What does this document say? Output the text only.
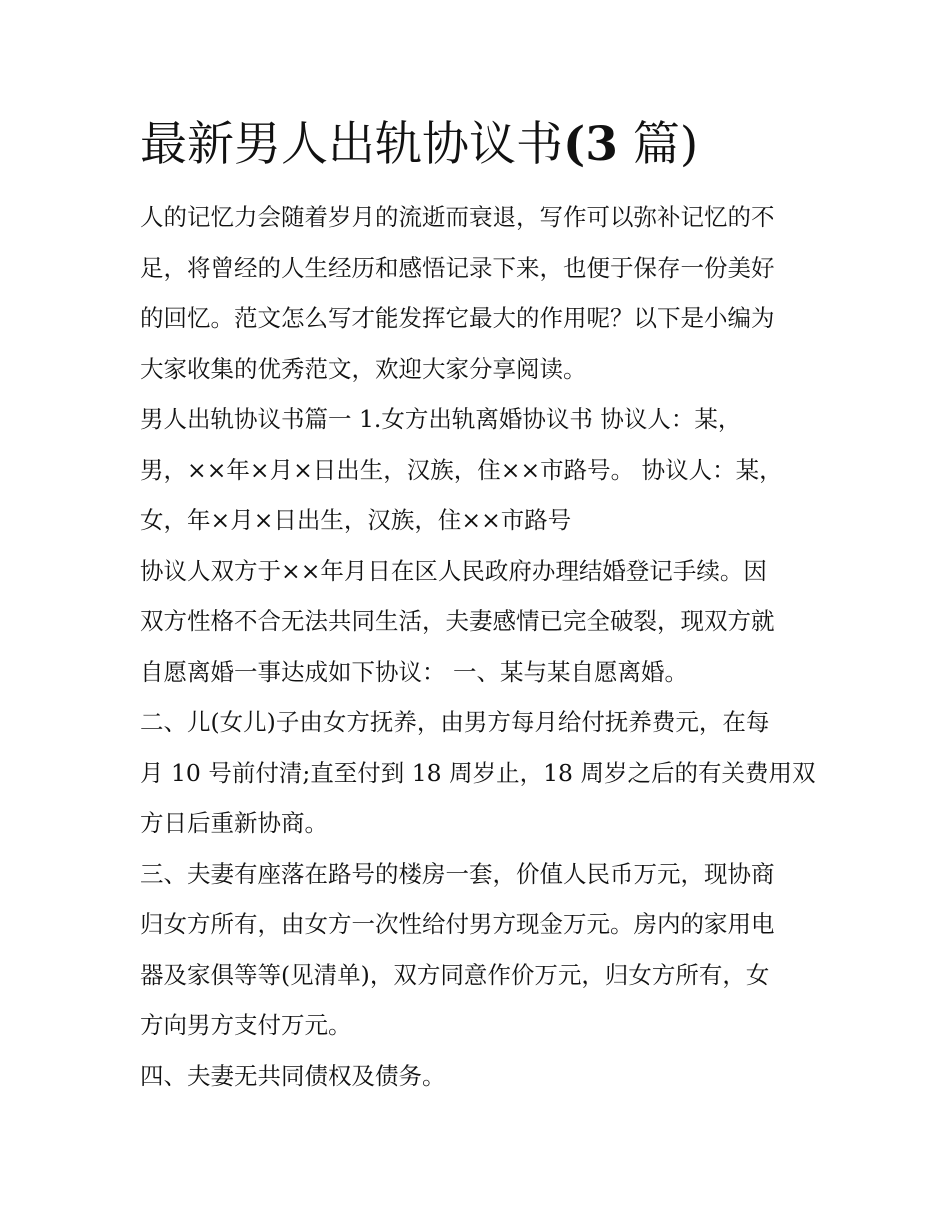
最新男人出轨协议书(3 篇)

人的记忆力会随着岁月的流逝而衰退，写作可以弥补记忆的不
足，将曾经的人生经历和感悟记录下来，也便于保存一份美好
的回忆。范文怎么写才能发挥它最大的作用呢？以下是小编为
大家收集的优秀范文，欢迎大家分享阅读。

男人出轨协议书篇一 1.女方出轨离婚协议书 协议人：某，
男，××年×月×日出生，汉族，住××市路号。 协议人：某，
女，年×月×日出生，汉族，住××市路号

协议人双方于××年月日在区人民政府办理结婚登记手续。因
双方性格不合无法共同生活，夫妻感情已完全破裂，现双方就
自愿离婚一事达成如下协议： 一、某与某自愿离婚。

二、儿(女儿)子由女方抚养，由男方每月给付抚养费元，在每
月 10 号前付清;直至付到 18 周岁止，18 周岁之后的有关费用双
方日后重新协商。

三、夫妻有座落在路号的楼房一套，价值人民币万元，现协商
归女方所有，由女方一次性给付男方现金万元。房内的家用电
器及家俱等等(见清单)，双方同意作价万元，归女方所有，女
方向男方支付万元。

四、夫妻无共同债权及债务。
